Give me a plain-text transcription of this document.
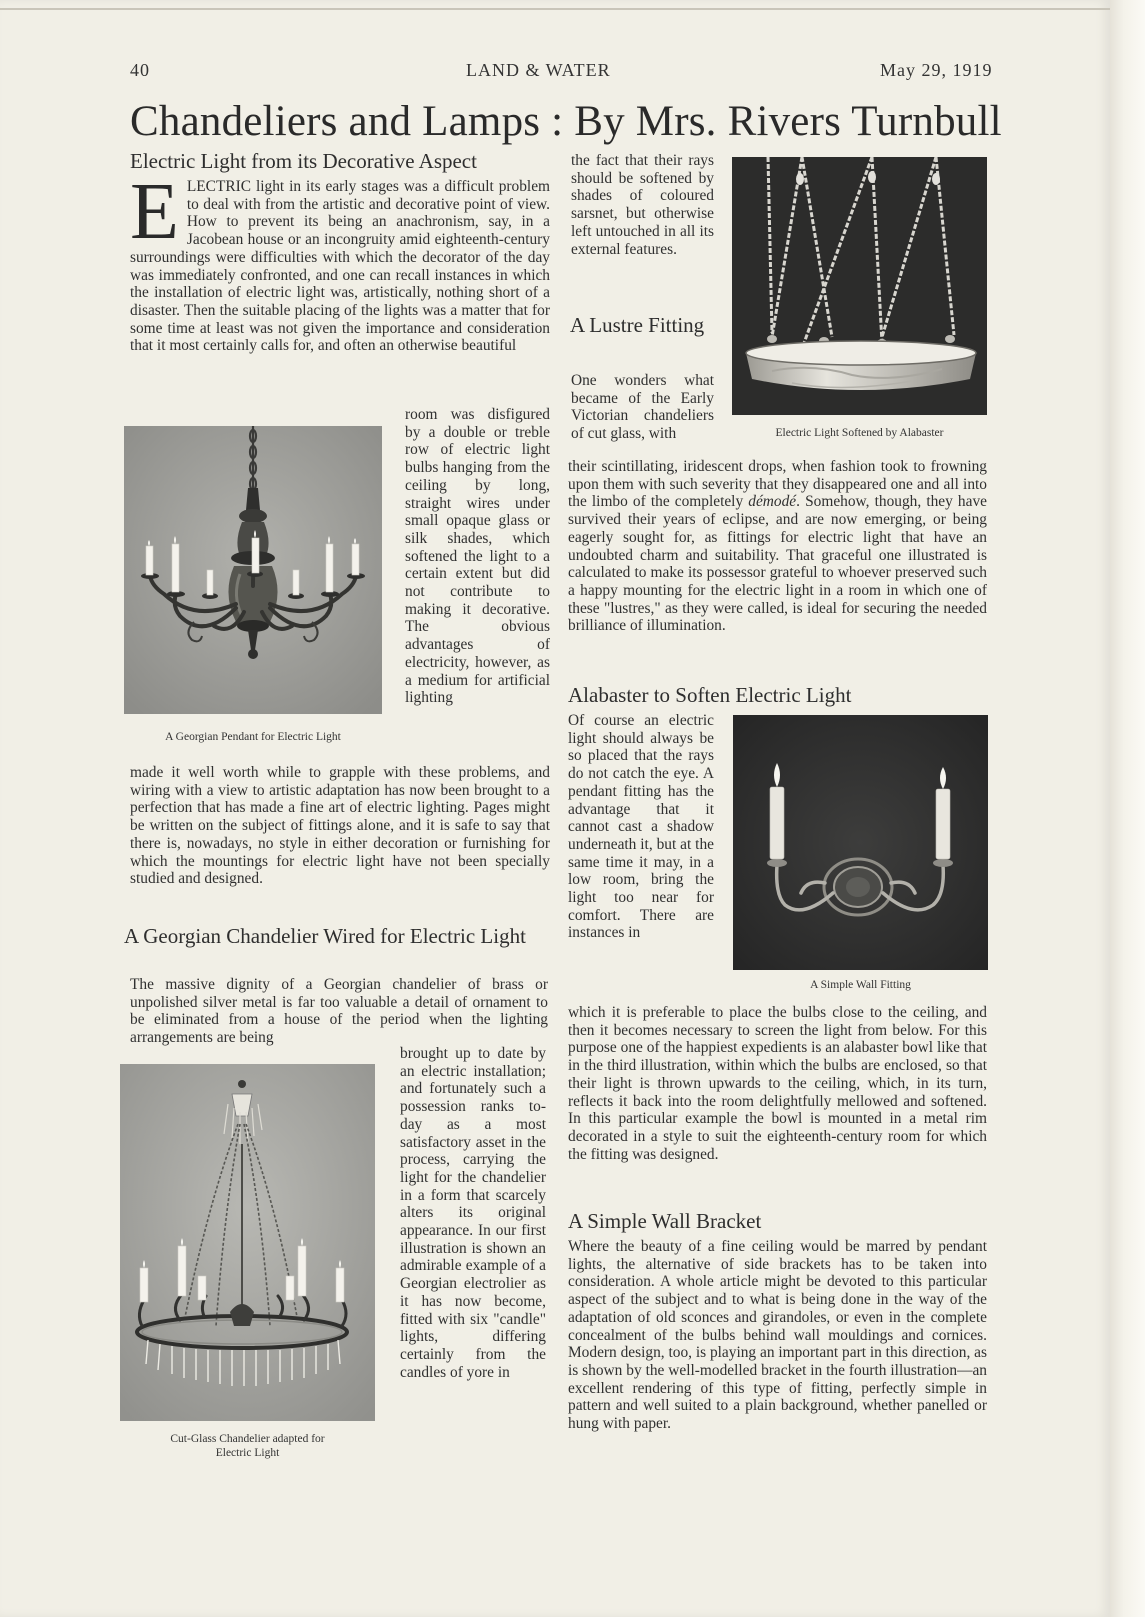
40	LAND & WATER	May 29, 1919
Chandeliers and Lamps : By Mrs. Rivers Turnbull
Electric Light from its Decorative Aspect

ELECTRIC light in its early stages was a difficult problem to deal with from the artistic and decorative point of view. How to prevent its being an anachronism, say, in a Jacobean house or an incongruity amid eighteenth-century surroundings were difficulties with which the decorator of the day was immediately confronted, and one can recall instances in which the installation of electric light was, artistically, nothing short of a disaster. Then the suitable placing of the lights was a matter that for some time at least was not given the importance and consideration that it most certainly calls for, and often an otherwise beautiful

A Georgian Pendant for Electric Light

room was disfigured by a double or treble row of electric light bulbs hanging from the ceiling by long, straight wires under small opaque glass or silk shades, which softened the light to a certain extent but did not contribute to making it decorative. The obvious advantages of electricity, however, as a medium for artificial lighting

made it well worth while to grapple with these problems, and wiring with a view to artistic adaptation has now been brought to a perfection that has made a fine art of electric lighting. Pages might be written on the subject of fittings alone, and it is safe to say that there is, nowadays, no style in either decoration or furnishing for which the mountings for electric light have not been specially studied and designed.

A Georgian Chandelier Wired for Electric Light

The massive dignity of a Georgian chandelier of brass or unpolished silver metal is far too valuable a detail of ornament to be eliminated from a house of the period when the lighting arrangements are being

Cut-Glass Chandelier adapted for
Electric Light

brought up to date by an electric installation; and fortunately such a possession ranks to-day as a most satisfactory asset in the process, carrying the light for the chandelier in a form that scarcely alters its original appearance. In our first illustration is shown an admirable example of a Georgian electrolier as it has now become, fitted with six "candle" lights, differing certainly from the candles of yore in

the fact that their rays should be softened by shades of coloured sarsnet, but otherwise left untouched in all its external features.

Electric Light Softened by Alabaster

A Lustre Fitting

One wonders what became of the Early Victorian chandeliers of cut glass, with

their scintillating, iridescent drops, when fashion took to frowning upon them with such severity that they disappeared one and all into the limbo of the completely démodé. Somehow, though, they have survived their years of eclipse, and are now emerging, or being eagerly sought for, as fittings for electric light that have an undoubted charm and suitability. That graceful one illustrated is calculated to make its possessor grateful to whoever preserved such a happy mounting for the electric light in a room in which one of these "lustres," as they were called, is ideal for securing the needed brilliance of illumination.

Alabaster to Soften Electric Light

Of course an electric light should always be so placed that the rays do not catch the eye. A pendant fitting has the advantage that it cannot cast a shadow underneath it, but at the same time it may, in a low room, bring the light too near for comfort. There are instances in

A Simple Wall Fitting

which it is preferable to place the bulbs close to the ceiling, and then it becomes necessary to screen the light from below. For this purpose one of the happiest expedients is an alabaster bowl like that in the third illustration, within which the bulbs are enclosed, so that their light is thrown upwards to the ceiling, which, in its turn, reflects it back into the room delightfully mellowed and softened. In this particular example the bowl is mounted in a metal rim decorated in a style to suit the eighteenth-century room for which the fitting was designed.

A Simple Wall Bracket

Where the beauty of a fine ceiling would be marred by pendant lights, the alternative of side brackets has to be taken into consideration. A whole article might be devoted to this particular aspect of the subject and to what is being done in the way of the adaptation of old sconces and girandoles, or even in the complete concealment of the bulbs behind wall mouldings and cornices. Modern design, too, is playing an important part in this direction, as is shown by the well-modelled bracket in the fourth illustration—an excellent rendering of this type of fitting, perfectly simple in pattern and well suited to a plain background, whether panelled or hung with paper.
